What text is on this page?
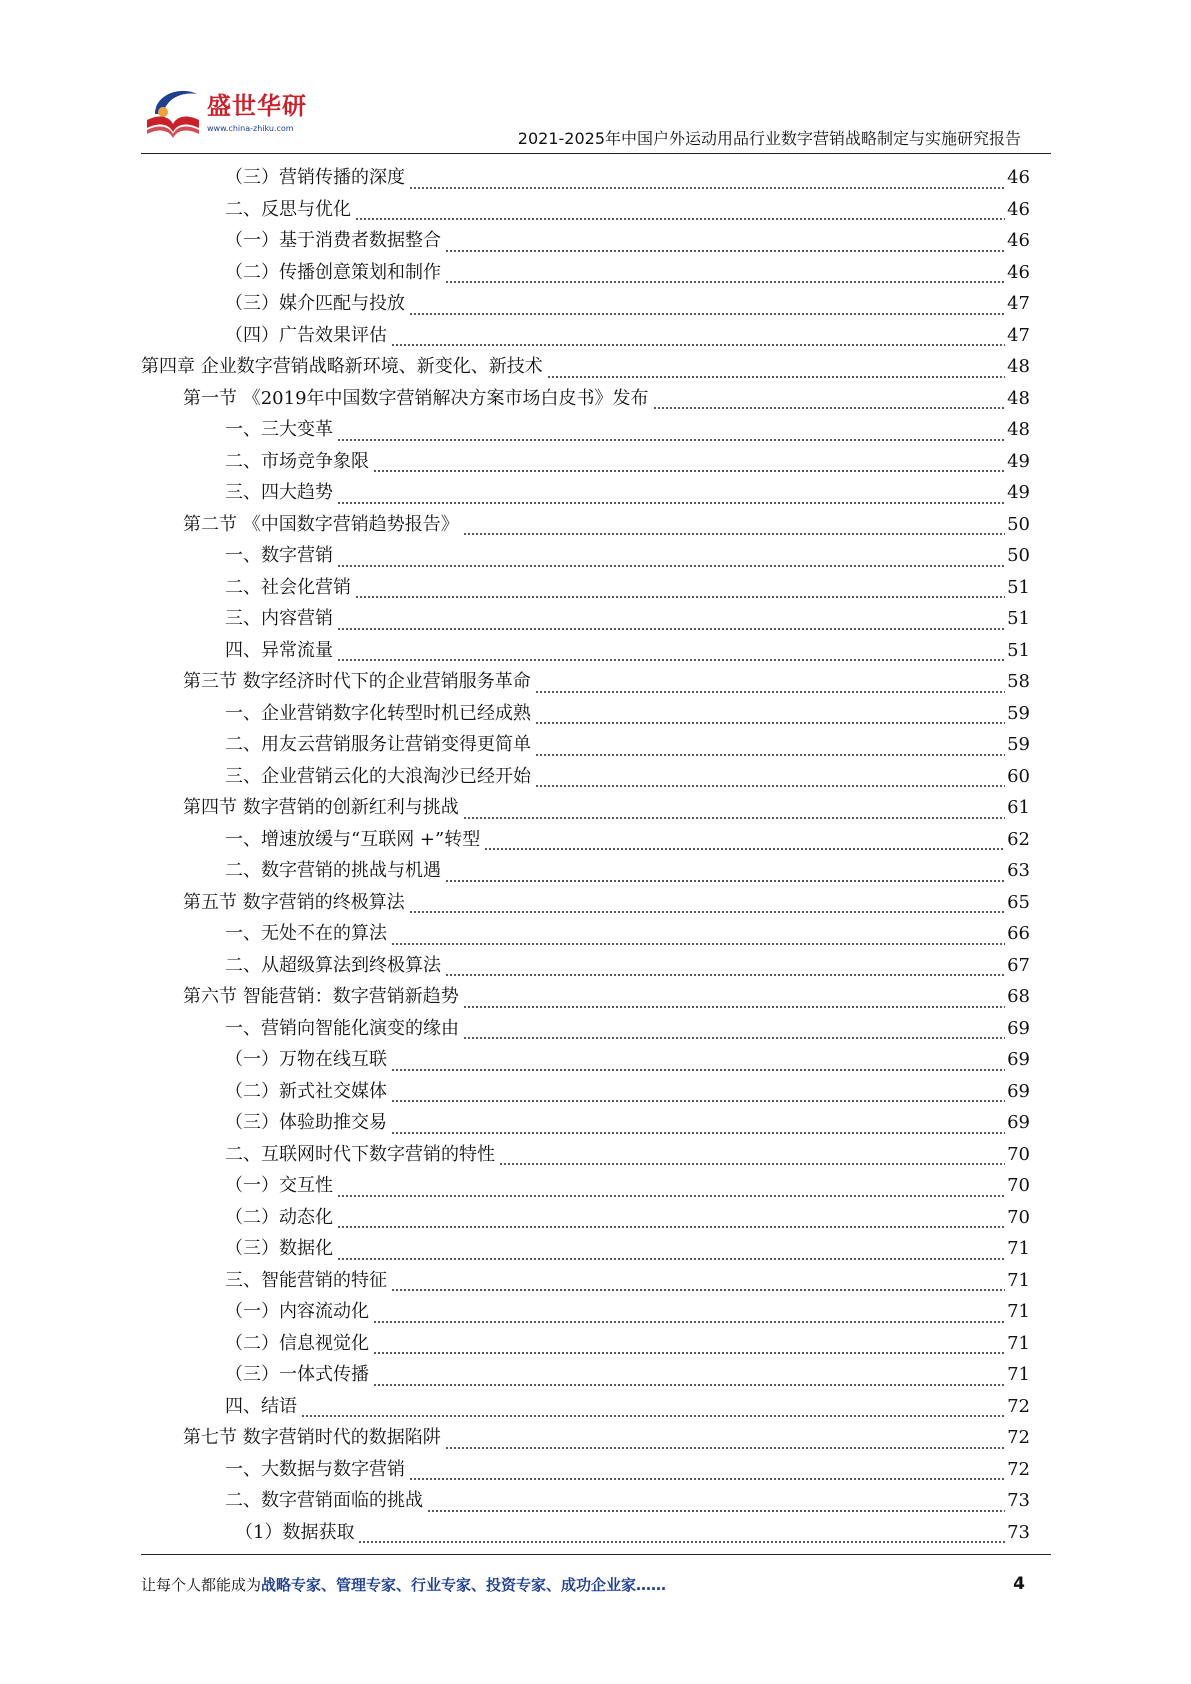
盛世华研
www.china-zhiku.com
2021-2025年中国户外运动用品行业数字营销战略制定与实施研究报告
（三）营销传播的深度	46
二、反思与优化	46
（一）基于消费者数据整合	46
（二）传播创意策划和制作	46
（三）媒介匹配与投放	47
（四）广告效果评估	47
第四章 企业数字营销战略新环境、新变化、新技术	48
第一节 《2019年中国数字营销解决方案市场白皮书》发布	48
一、三大变革	48
二、市场竞争象限	49
三、四大趋势	49
第二节 《中国数字营销趋势报告》	50
一、数字营销	50
二、社会化营销	51
三、内容营销	51
四、异常流量	51
第三节 数字经济时代下的企业营销服务革命	58
一、企业营销数字化转型时机已经成熟	59
二、用友云营销服务让营销变得更简单	59
三、企业营销云化的大浪淘沙已经开始	60
第四节 数字营销的创新红利与挑战	61
一、增速放缓与“互联网 +”转型	62
二、数字营销的挑战与机遇	63
第五节 数字营销的终极算法	65
一、无处不在的算法	66
二、从超级算法到终极算法	67
第六节 智能营销：数字营销新趋势	68
一、营销向智能化演变的缘由	69
（一）万物在线互联	69
（二）新式社交媒体	69
（三）体验助推交易	69
二、互联网时代下数字营销的特性	70
（一）交互性	70
（二）动态化	70
（三）数据化	71
三、智能营销的特征	71
（一）内容流动化	71
（二）信息视觉化	71
（三）一体式传播	71
四、结语	72
第七节 数字营销时代的数据陷阱	72
一、大数据与数字营销	72
二、数字营销面临的挑战	73
（1）数据获取	73
让每个人都能成为战略专家、管理专家、行业专家、投资专家、成功企业家……	4
